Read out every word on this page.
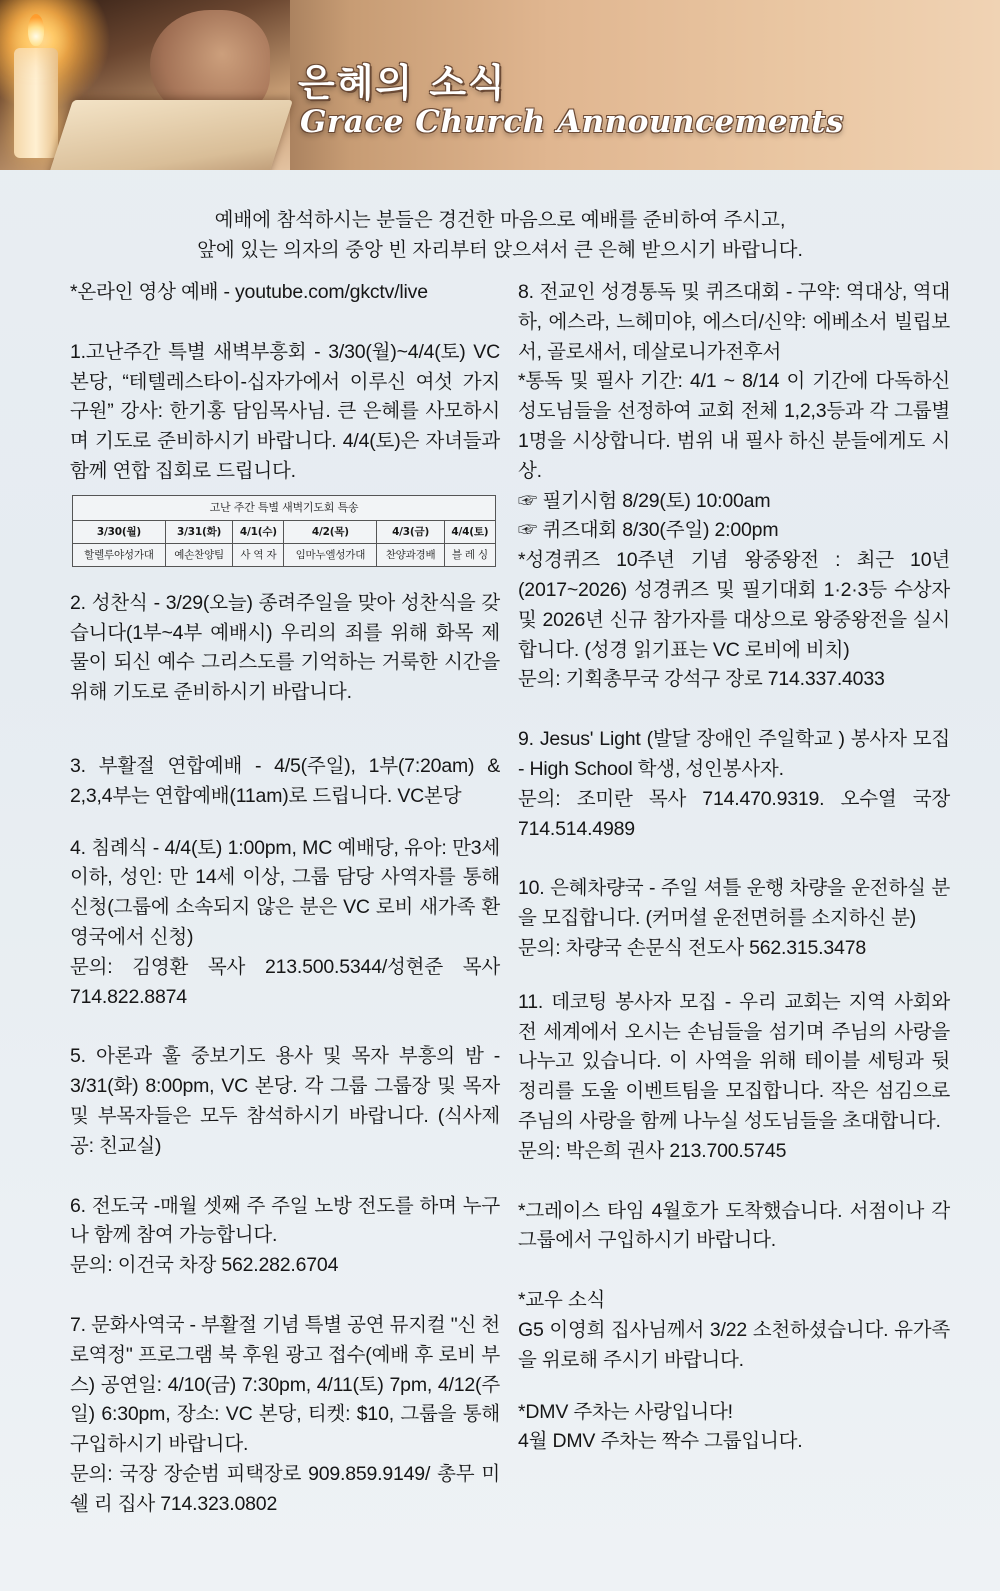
은혜의 소식
Grace Church Announcements

예배에 참석하시는 분들은 경건한 마음으로 예배를 준비하여 주시고,

앞에 있는 의자의 중앙 빈 자리부터 앉으셔서 큰 은혜 받으시기 바랍니다.

*온라인 영상 예배 - youtube.com/gkctv/live

1.고난주간 특별 새벽부흥회 - 3/30(월)~4/4(토) VC 본당, “테텔레스타이-십자가에서 이루신 여섯 가지 구원” 강사: 한기홍 담임목사님. 큰 은혜를 사모하시며 기도로 준비하시기 바랍니다. 4/4(토)은 자녀들과 함께 연합 집회로 드립니다.

고난 주간 특별 새벽기도회 특송					
3/30(월)	3/31(화)	4/1(수)	4/2(목)	4/3(금)	4/4(토)
할렐루야성가대	예손찬양팀	사 역 자	임마누엘성가대	찬양과경배	블 레 싱

2. 성찬식 - 3/29(오늘) 종려주일을 맞아 성찬식을 갖습니다(1부~4부 예배시) 우리의 죄를 위해 화목 제물이 되신 예수 그리스도를 기억하는 거룩한 시간을 위해 기도로 준비하시기 바랍니다.

3. 부활절 연합예배 - 4/5(주일), 1부(7:20am) & 2,3,4부는 연합예배(11am)로 드립니다. VC본당

4. 침례식 - 4/4(토) 1:00pm, MC 예배당, 유아: 만3세 이하, 성인: 만 14세 이상, 그룹 담당 사역자를 통해 신청(그룹에 소속되지 않은 분은 VC 로비 새가족 환영국에서 신청)

문의: 김영환 목사 213.500.5344/성현준 목사 714.822.8874

5. 아론과 훌 중보기도 용사 및 목자 부흥의 밤 - 3/31(화) 8:00pm, VC 본당. 각 그룹 그룹장 및 목자 및 부목자들은 모두 참석하시기 바랍니다. (식사제공: 친교실)

6. 전도국 -매월 셋째 주 주일 노방 전도를 하며 누구나 함께 참여 가능합니다.

문의: 이건국 차장 562.282.6704

7. 문화사역국 - 부활절 기념 특별 공연 뮤지컬 "신 천로역정" 프로그램 북 후원 광고 접수(예배 후 로비 부스) 공연일: 4/10(금) 7:30pm, 4/11(토) 7pm, 4/12(주일) 6:30pm, 장소: VC 본당, 티켓: $10, 그룹을 통해 구입하시기 바랍니다.

문의: 국장 장순범 피택장로 909.859.9149/ 총무 미쉘 리 집사 714.323.0802

8. 전교인 성경통독 및 퀴즈대회 - 구약: 역대상, 역대하, 에스라, 느헤미야, 에스더/신약: 에베소서 빌립보서, 골로새서, 데살로니가전후서

*통독 및 필사 기간: 4/1 ~ 8/14 이 기간에 다독하신 성도님들을 선정하여 교회 전체 1,2,3등과 각 그룹별 1명을 시상합니다. 범위 내 필사 하신 분들에게도 시상.

☞ 필기시험 8/29(토) 10:00am

☞ 퀴즈대회 8/30(주일) 2:00pm

*성경퀴즈 10주년 기념 왕중왕전 : 최근 10년(2017~2026) 성경퀴즈 및 필기대회 1·2·3등 수상자 및 2026년 신규 참가자를 대상으로 왕중왕전을 실시합니다. (성경 읽기표는 VC 로비에 비치)

문의: 기획총무국 강석구 장로 714.337.4033

9. Jesus' Light (발달 장애인 주일학교 ) 봉사자 모집 - High School 학생, 성인봉사자.

문의: 조미란 목사 714.470.9319. 오수열 국장 714.514.4989

10. 은혜차량국 - 주일 셔틀 운행 차량을 운전하실 분을 모집합니다. (커머셜 운전면허를 소지하신 분)

문의: 차량국 손문식 전도사 562.315.3478

11. 데코팅 봉사자 모집 - 우리 교회는 지역 사회와 전 세계에서 오시는 손님들을 섬기며 주님의 사랑을 나누고 있습니다. 이 사역을 위해 테이블 세팅과 뒷정리를 도울 이벤트팀을 모집합니다. 작은 섬김으로 주님의 사랑을 함께 나누실 성도님들을 초대합니다.

문의: 박은희 권사 213.700.5745

*그레이스 타임 4월호가 도착했습니다. 서점이나 각 그룹에서 구입하시기 바랍니다.

*교우 소식

G5 이영희 집사님께서 3/22 소천하셨습니다. 유가족을 위로해 주시기 바랍니다.

*DMV 주차는 사랑입니다!

4월 DMV 주차는 짝수 그룹입니다.
